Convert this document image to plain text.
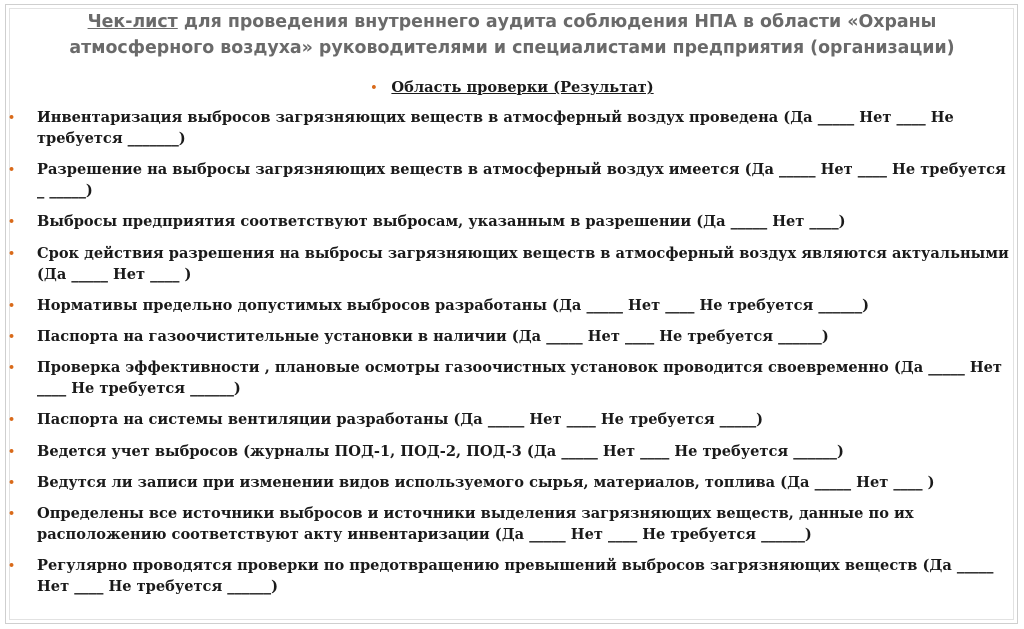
Чек-лист для проведения внутреннего аудита соблюдения НПА в области «Охраны атмосферного воздуха» руководителями и специалистами предприятия (организации)
• Область проверки (Результат)
• Инвентаризация выбросов загрязняющих веществ в атмосферный воздух проведена (Да _____ Нет ____ Не требуется _______)
• Разрешение на выбросы загрязняющих веществ в атмосферный воздух имеется (Да _____ Нет ____ Не требуется _ _____)
• Выбросы предприятия соответствуют выбросам, указанным в разрешении (Да _____ Нет ____)
• Срок действия разрешения на выбросы загрязняющих веществ в атмосферный воздух являются актуальными (Да _____ Нет ____ )
• Нормативы предельно допустимых выбросов разработаны (Да _____ Нет ____ Не требуется ______)
• Паспорта на газоочистительные установки в наличии (Да _____ Нет ____ Не требуется ______)
• Проверка эффективности , плановые осмотры газоочистных установок проводится своевременно (Да _____ Нет ____ Не требуется ______)
• Паспорта на системы вентиляции разработаны (Да _____ Нет ____ Не требуется _____)
• Ведется учет выбросов (журналы ПОД-1, ПОД-2, ПОД-3 (Да _____ Нет ____ Не требуется ______)
• Ведутся ли записи при изменении видов используемого сырья, материалов, топлива (Да _____ Нет ____ )
• Определены все источники выбросов и источники выделения загрязняющих веществ, данные по их расположению соответствуют акту инвентаризации (Да _____ Нет ____ Не требуется ______)
• Регулярно проводятся проверки по предотвращению превышений выбросов загрязняющих веществ (Да _____ Нет ____ Не требуется ______)
